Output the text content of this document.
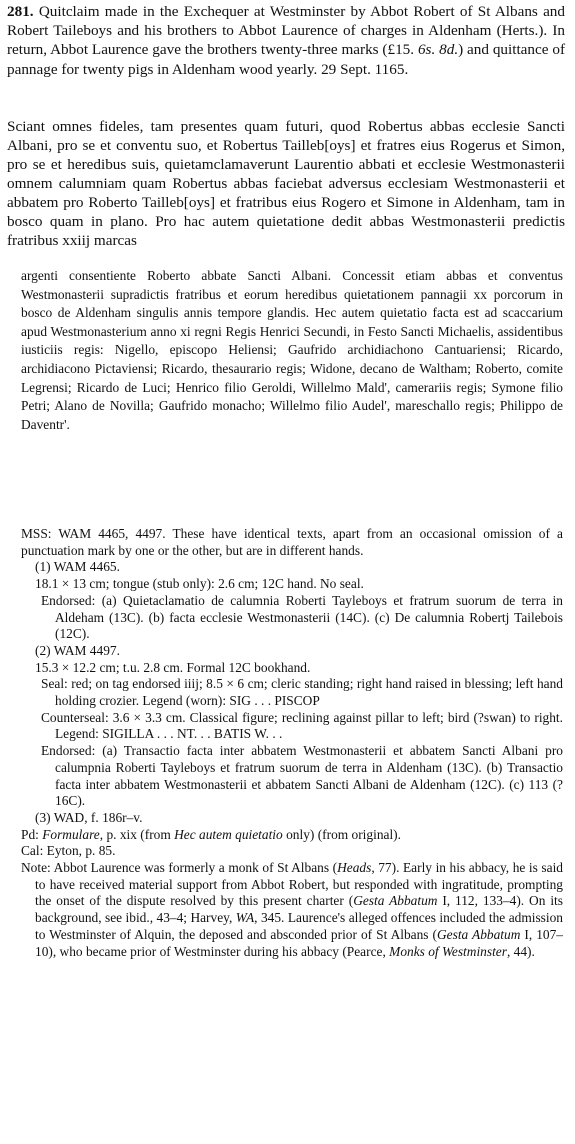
281. Quitclaim made in the Exchequer at Westminster by Abbot Robert of St Albans and Robert Taileboys and his brothers to Abbot Laurence of charges in Aldenham (Herts.). In return, Abbot Laurence gave the brothers twenty-three marks (£15. 6s. 8d.) and quittance of pannage for twenty pigs in Aldenham wood yearly. 29 Sept. 1165.
Sciant omnes fideles, tam presentes quam futuri, quod Robertus abbas ecclesie Sancti Albani, pro se et conventu suo, et Robertus Tailleb[oys] et fratres eius Rogerus et Simon, pro se et heredibus suis, quietamclamaverunt Laurentio abbati et ecclesie Westmonasterii omnem calumniam quam Robertus abbas faciebat adversus ecclesiam Westmonasterii et abbatem pro Roberto Tailleb[oys] et fratribus eius Rogero et Simone in Aldenham, tam in bosco quam in plano. Pro hac autem quietatione dedit abbas Westmonasterii predictis fratribus xxiij marcas
argenti consentiente Roberto abbate Sancti Albani. Concessit etiam abbas et conventus Westmonasterii supradictis fratribus et eorum heredibus quietationem pannagii xx porcorum in bosco de Aldenham singulis annis tempore glandis. Hec autem quietatio facta est ad scaccarium apud Westmonasterium anno xi regni Regis Henrici Secundi, in Festo Sancti Michaelis, assidentibus iusticiis regis: Nigello, episcopo Heliensi; Gaufrido archidiachono Cantuariensi; Ricardo, archidiacono Pictaviensi; Ricardo, thesaurario regis; Widone, decano de Waltham; Roberto, comite Legrensi; Ricardo de Luci; Henrico filio Geroldi, Willelmo Mald', camerariis regis; Symone filio Petri; Alano de Novilla; Gaufrido monacho; Willelmo filio Audel', mareschallo regis; Philippo de Daventr'.

MSS: WAM 4465, 4497. These have identical texts, apart from an occasional omission of a punctuation mark by one or the other, but are in different hands.

(1) WAM 4465.

18.1 × 13 cm; tongue (stub only): 2.6 cm; 12C hand. No seal.

Endorsed: (a) Quietaclamatio de calumnia Roberti Tayleboys et fratrum suorum de terra in Aldeham (13C). (b) facta ecclesie Westmonasterii (14C). (c) De calumnia Robertj Tailebois (12C).

(2) WAM 4497.

15.3 × 12.2 cm; t.u. 2.8 cm. Formal 12C bookhand.

Seal: red; on tag endorsed iiij; 8.5 × 6 cm; cleric standing; right hand raised in blessing; left hand holding crozier. Legend (worn): SIG . . . PISCOP

Counterseal: 3.6 × 3.3 cm. Classical figure; reclining against pillar to left; bird (?swan) to right. Legend: SIGILLA . . . NT. . . BATIS W. . .

Endorsed: (a) Transactio facta inter abbatem Westmonasterii et abbatem Sancti Albani pro calumpnia Roberti Tayleboys et fratrum suorum de terra in Aldenham (13C). (b) Transactio facta inter abbatem Westmonasterii et abbatem Sancti Albani de Aldenham (12C). (c) 113 (? 16C).

(3) WAD, f. 186r–v.

Pd: Formulare, p. xix (from Hec autem quietatio only) (from original).

Cal: Eyton, p. 85.

Note: Abbot Laurence was formerly a monk of St Albans (Heads, 77). Early in his abbacy, he is said to have received material support from Abbot Robert, but responded with ingratitude, prompting the onset of the dispute resolved by this present charter (Gesta Abbatum I, 112, 133–4). On its background, see ibid., 43–4; Harvey, WA, 345. Laurence's alleged offences included the admission to Westminster of Alquin, the deposed and absconded prior of St Albans (Gesta Abbatum I, 107–10), who became prior of Westminster during his abbacy (Pearce, Monks of Westminster, 44).
